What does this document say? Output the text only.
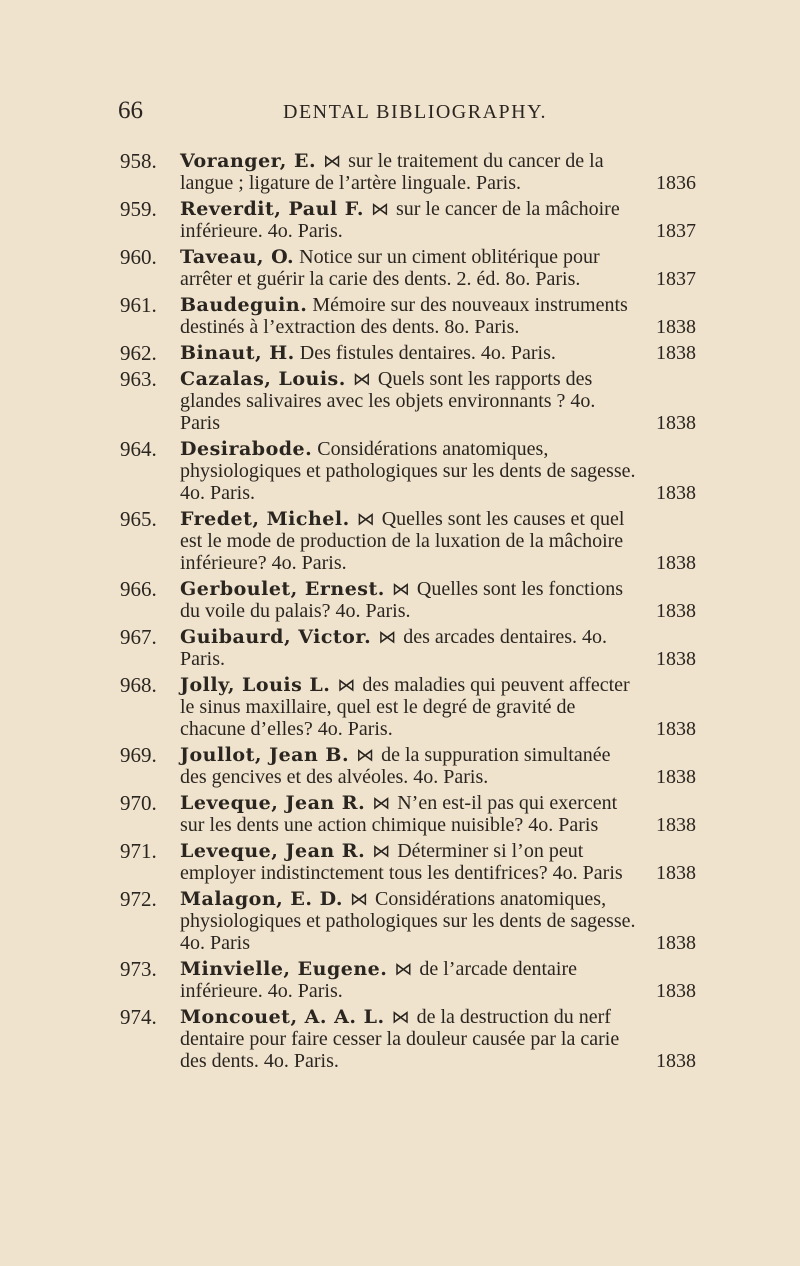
66	DENTAL BIBLIOGRAPHY.
958.	Voranger, E. ⋈ sur le traitement du cancer de la langue ; ligature de l’artère linguale. Paris.	1836
959.	Reverdit, Paul F. ⋈ sur le cancer de la mâchoire inférieure. 4o. Paris.	1837
960.	Taveau, O. Notice sur un ciment oblitérique pour arrêter et guérir la carie des dents. 2. éd. 8o. Paris.	1837
961.	Baudeguin. Mémoire sur des nouveaux instruments destinés à l’extraction des dents. 8o. Paris.	1838
962.	Binaut, H. Des fistules dentaires. 4o. Paris.	1838
963.	Cazalas, Louis. ⋈ Quels sont les rapports des glandes salivaires avec les objets environnants ? 4o. Paris	1838
964.	Desirabode. Considérations anatomiques, physiologiques et pathologiques sur les dents de sagesse. 4o. Paris.	1838
965.	Fredet, Michel. ⋈ Quelles sont les causes et quel est le mode de production de la luxation de la mâchoire inférieure? 4o. Paris.	1838
966.	Gerboulet, Ernest. ⋈ Quelles sont les fonctions du voile du palais? 4o. Paris.	1838
967.	Guibaurd, Victor. ⋈ des arcades dentaires. 4o. Paris.	1838
968.	Jolly, Louis L. ⋈ des maladies qui peuvent affecter le sinus maxillaire, quel est le degré de gravité de chacune d’elles? 4o. Paris.	1838
969.	Joullot, Jean B. ⋈ de la suppuration simultanée des gencives et des alvéoles. 4o. Paris.	1838
970.	Leveque, Jean R. ⋈ N’en est-il pas qui exercent sur les dents une action chimique nuisible? 4o. Paris	1838
971.	Leveque, Jean R. ⋈ Déterminer si l’on peut employer indistinctement tous les dentifrices? 4o. Paris	1838
972.	Malagon, E. D. ⋈ Considérations anatomiques, physiologiques et pathologiques sur les dents de sagesse. 4o. Paris	1838
973.	Minvielle, Eugene. ⋈ de l’arcade dentaire inférieure. 4o. Paris.	1838
974.	Moncouet, A. A. L. ⋈ de la destruction du nerf dentaire pour faire cesser la douleur causée par la carie des dents. 4o. Paris.	1838
